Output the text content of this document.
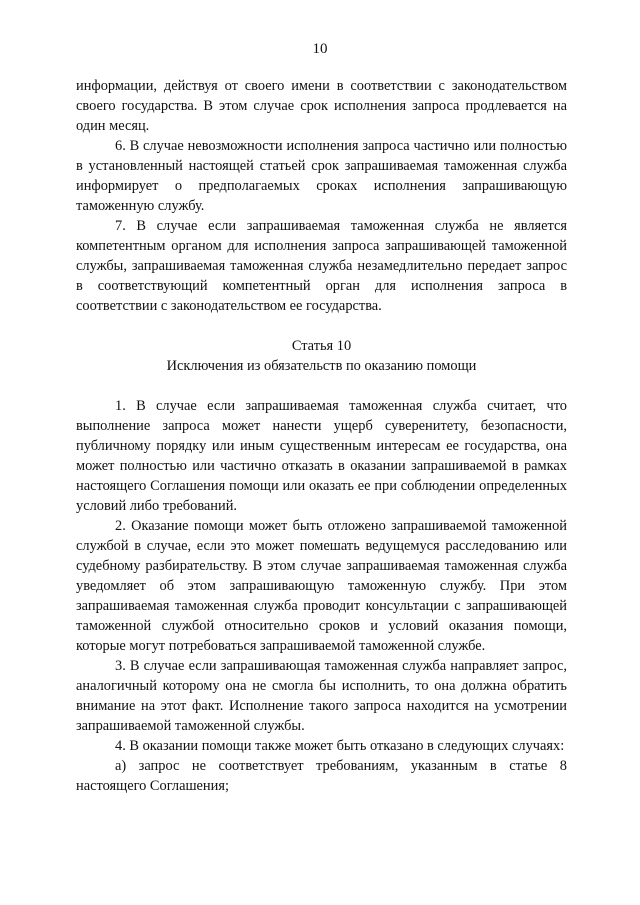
10

информации, действуя от своего имени в соответствии с законодательством своего государства. В этом случае срок исполнения запроса продлевается на один месяц.

6. В случае невозможности исполнения запроса частично или полностью в установленный настоящей статьей срок запрашиваемая таможенная служба информирует о предполагаемых сроках исполнения запрашивающую таможенную службу.

7. В случае если запрашиваемая таможенная служба не является компетентным органом для исполнения запроса запрашивающей таможенной службы, запрашиваемая таможенная служба незамедлительно передает запрос в соответствующий компетентный орган для исполнения запроса в соответствии с законодательством ее государства.

Статья 10

Исключения из обязательств по оказанию помощи

1. В случае если запрашиваемая таможенная служба считает, что выполнение запроса может нанести ущерб суверенитету, безопасности, публичному порядку или иным существенным интересам ее государства, она может полностью или частично отказать в оказании запрашиваемой в рамках настоящего Соглашения помощи или оказать ее при соблюдении определенных условий либо требований.

2. Оказание помощи может быть отложено запрашиваемой таможенной службой в случае, если это может помешать ведущемуся расследованию или судебному разбирательству. В этом случае запрашиваемая таможенная служба уведомляет об этом запрашивающую таможенную службу. При этом запрашиваемая таможенная служба проводит консультации с запрашивающей таможенной службой относительно сроков и условий оказания помощи, которые могут потребоваться запрашиваемой таможенной службе.

3. В случае если запрашивающая таможенная служба направляет запрос, аналогичный которому она не смогла бы исполнить, то она должна обратить внимание на этот факт. Исполнение такого запроса находится на усмотрении запрашиваемой таможенной службы.

4. В оказании помощи также может быть отказано в следующих случаях:

а) запрос не соответствует требованиям, указанным в статье 8 настоящего Соглашения;
